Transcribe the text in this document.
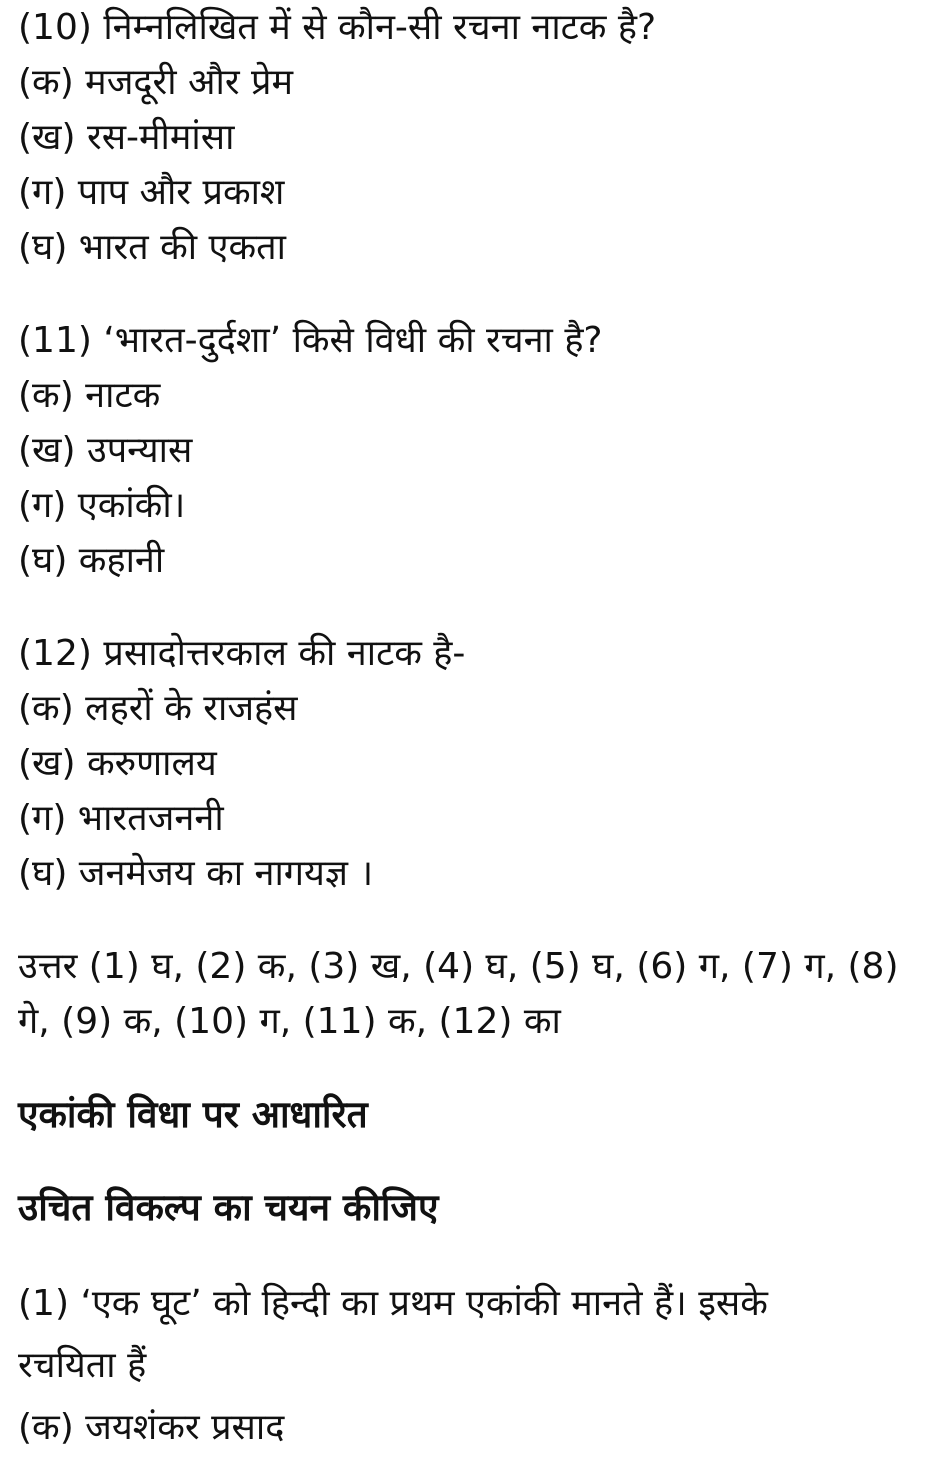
(10) निम्नलिखित में से कौन-सी रचना नाटक है?
(क) मजदूरी और प्रेम
(ख) रस-मीमांसा
(ग) पाप और प्रकाश
(घ) भारत की एकता
(11) ‘भारत-दुर्दशा’ किसे विधी की रचना है?
(क) नाटक
(ख) उपन्यास
(ग) एकांकी।
(घ) कहानी
(12) प्रसादोत्तरकाल की नाटक है-
(क) लहरों के राजहंस
(ख) करुणालय
(ग) भारतजननी
(घ) जनमेजय का नागयज्ञ ।
उत्तर (1) घ, (2) क, (3) ख, (4) घ, (5) घ, (6) ग, (7) ग, (8)
गे, (9) क, (10) ग, (11) क, (12) का
एकांकी विधा पर आधारित
उचित विकल्प का चयन कीजिए
(1) ‘एक घूट’ को हिन्दी का प्रथम एकांकी मानते हैं। इसके
रचयिता हैं
(क) जयशंकर प्रसाद
